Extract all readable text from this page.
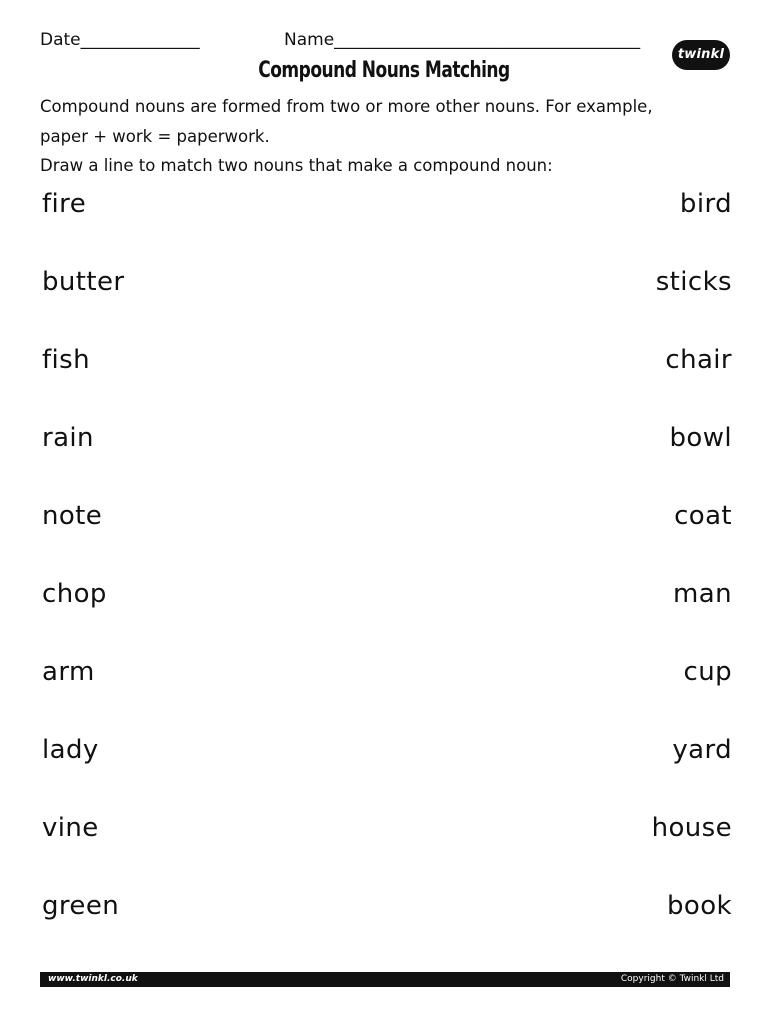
Date______________	Name____________________________________
twinkl
Compound Nouns Matching

Compound nouns are formed from two or more other nouns. For example,

paper + work = paperwork.

Draw a line to match two nouns that make a compound noun:

fire	bird
butter	sticks
fish	chair
rain	bowl
note	coat
chop	man
arm	cup
lady	yard
vine	house
green	book
www.twinkl.co.uk	Copyright © Twinkl Ltd
